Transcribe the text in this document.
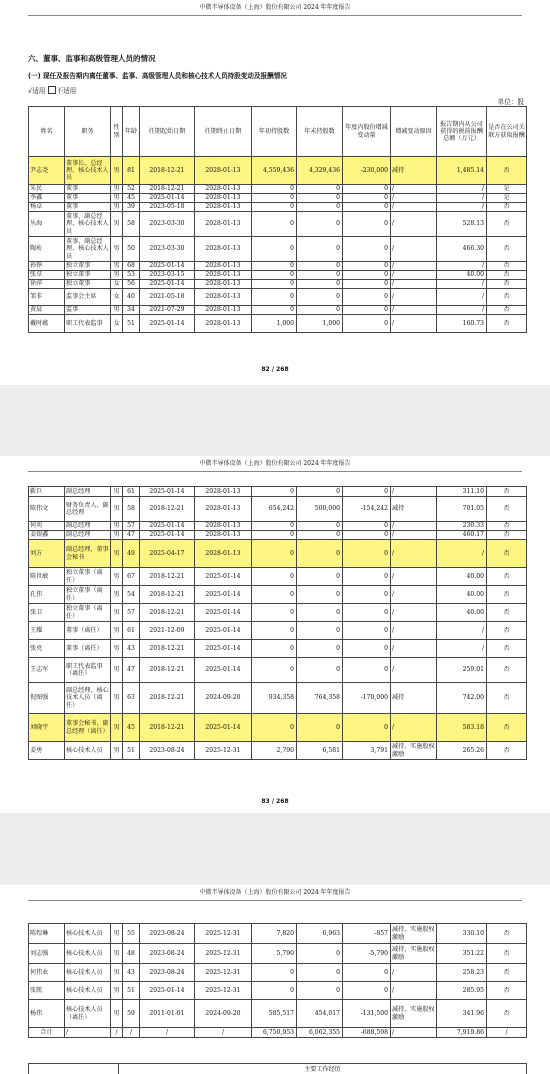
中微半导体设备（上海）股份有限公司 2024 年年度报告
六、董事、监事和高级管理人员的情况
(一) 现任及报告期内离任董事、监事、高级管理人员和核心技术人员持股变动及报酬情况
√适用 不适用
单位：股
姓名	职务	性别	年龄	任期起始日期	任期终止日期	年初持股数	年末持股数	年度内股份增减变动量	增减变动原因	报告期内从公司获得的税前报酬总额（万元）	是否在公司关联方获取报酬
尹志尧	董事长、总经理、核心技术人员	男	81	2018-12-21	2028-01-13	4,559,436	4,329,436	-230,000	减持	1,485.14	否
朱民	董事	男	52	2018-12-21	2028-01-13	0	0	0	/	/	是
李鑫	董事	男	45	2025-01-14	2028-01-13	0	0	0	/	/	是
杨卓	董事	男	39	2023-05-18	2028-01-13	0	0	0	/	/	否
丛海	董事、副总经理、核心技术人员	男	58	2023-03-30	2028-01-13	0	0	0	/	528.13	否
陶珩	董事、副总经理、核心技术人员	男	50	2023-03-30	2028-01-13	0	0	0	/	466.30	否
孙铮	独立董事	男	68	2025-01-14	2028-01-13	0	0	0	/	/	否
张荩	独立董事	男	53	2023-03-15	2028-01-13	0	0	0	/	40.00	否
徐萍	独立董事	女	56	2025-01-14	2028-01-13	0	0	0	/	/	否
邹非	监事会主席	女	40	2021-05-18	2028-01-13	0	0	0	/	/	否
黄晨	监事	男	34	2021-07-29	2028-01-13	0	0	0	/	/	否
戴时蕴	职工代表监事	女	51	2025-01-14	2028-01-13	1,000	1,000	0	/	160.73	否
82 / 268
中微半导体设备（上海）股份有限公司 2024 年年度报告
靳巨	副总经理	男	61	2025-01-14	2028-01-13	0	0	0	/	311.10	否
陈伟文	财务负责人、副总经理	男	58	2018-12-21	2028-01-13	654,242	500,000	-154,242	减持	701.05	否
何奕	副总经理	男	57	2025-01-14	2028-01-13	0	0	0	/	230.33	否
姜银鑫	副总经理	男	47	2025-01-14	2028-01-13	0	0	0	/	460.17	否
刘方	副总经理、董事会秘书	男	49	2025-04-17	2028-01-13	0	0	0	/	/	否
陈世敏	独立董事（离任）	男	67	2018-12-21	2025-01-14	0	0	0	/	40.00	否
孔伟	独立董事（离任）	男	54	2018-12-21	2025-01-14	0	0	0	/	40.00	否
张卫	独立董事（离任）	男	57	2018-12-21	2025-01-14	0	0	0	/	40.00	否
王耀	董事（离任）	男	61	2021-12-09	2025-01-14	0	0	0	/	/	否
张亮	董事（离任）	男	43	2018-12-21	2025-01-14	0	0	0	/	/	否
王志军	职工代表监事（离任）	男	47	2018-12-21	2025-01-14	0	0	0	/	259.01	否
倪图强	副总经理、核心技术人员（离任）	男	63	2018-12-21	2024-09-20	934,358	764,358	-170,000	减持	742.00	否
刘晓宇	董事会秘书、副总经理（离任）	男	45	2018-12-21	2025-01-14	0	0	0	/	583.18	否
姜勇	核心技术人员	男	51	2023-08-24	2025-12-31	2,790	6,581	3,791	减持、实施股权激励	265.26	否
83 / 268
中微半导体设备（上海）股份有限公司 2024 年年度报告
陈煌琳	核心技术人员	男	55	2023-08-24	2025-12-31	7,820	6,963	-857	减持、实施股权激励	330.10	否
刘志强	核心技术人员	男	48	2023-08-24	2025-12-31	5,790	0	-5,790	减持、实施股权激励	351.22	否
何伟业	核心技术人员	男	43	2023-08-24	2025-12-31	0	0	0	/	258.23	否
张凯	核心技术人员	男	51	2025-01-14	2025-12-31	0	0	0	/	285.95	否
杨伟	核心技术人员（离任）	男	59	2011-01-01	2024-09-20	585,517	454,017	-131,500	减持、实施股权激励	341.96	否
合计	/	/	/	/	/	6,750,953	6,062,355	-688,598	/	7,919.86	/
姓名	主要工作经历
